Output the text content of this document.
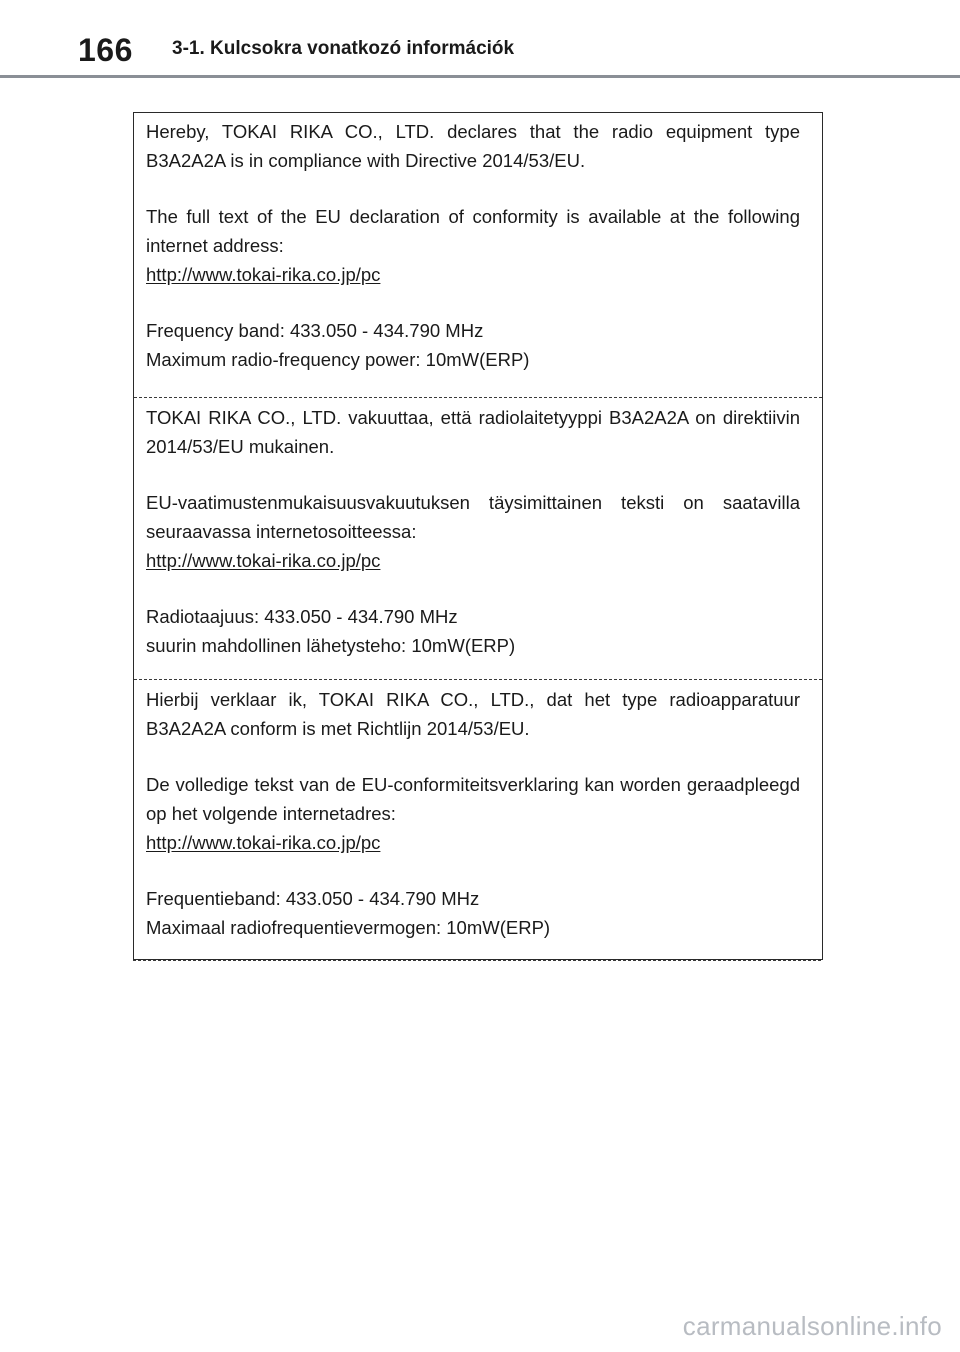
166 3-1. Kulcsokra vonatkozó információk

Hereby, TOKAI RIKA CO., LTD. declares that the radio equipment type B3A2A2A is in compliance with Directive 2014/53/EU.

The full text of the EU declaration of conformity is available at the following internet address:

http://www.tokai-rika.co.jp/pc

Frequency band: 433.050 - 434.790 MHz

Maximum radio-frequency power: 10mW(ERP)

TOKAI RIKA CO., LTD. vakuuttaa, että radiolaitetyyppi B3A2A2A on direktiivin 2014/53/EU mukainen.

EU-vaatimustenmukaisuusvakuutuksen täysimittainen teksti on saatavilla seuraavassa internetosoitteessa:

http://www.tokai-rika.co.jp/pc

Radiotaajuus: 433.050 - 434.790 MHz

suurin mahdollinen lähetysteho: 10mW(ERP)

Hierbij verklaar ik, TOKAI RIKA CO., LTD., dat het type radioapparatuur B3A2A2A conform is met Richtlijn 2014/53/EU.

De volledige tekst van de EU-conformiteitsverklaring kan worden geraadpleegd op het volgende internetadres:

http://www.tokai-rika.co.jp/pc

Frequentieband: 433.050 - 434.790 MHz

Maximaal radiofrequentievermogen: 10mW(ERP)

carmanualsonline.info
